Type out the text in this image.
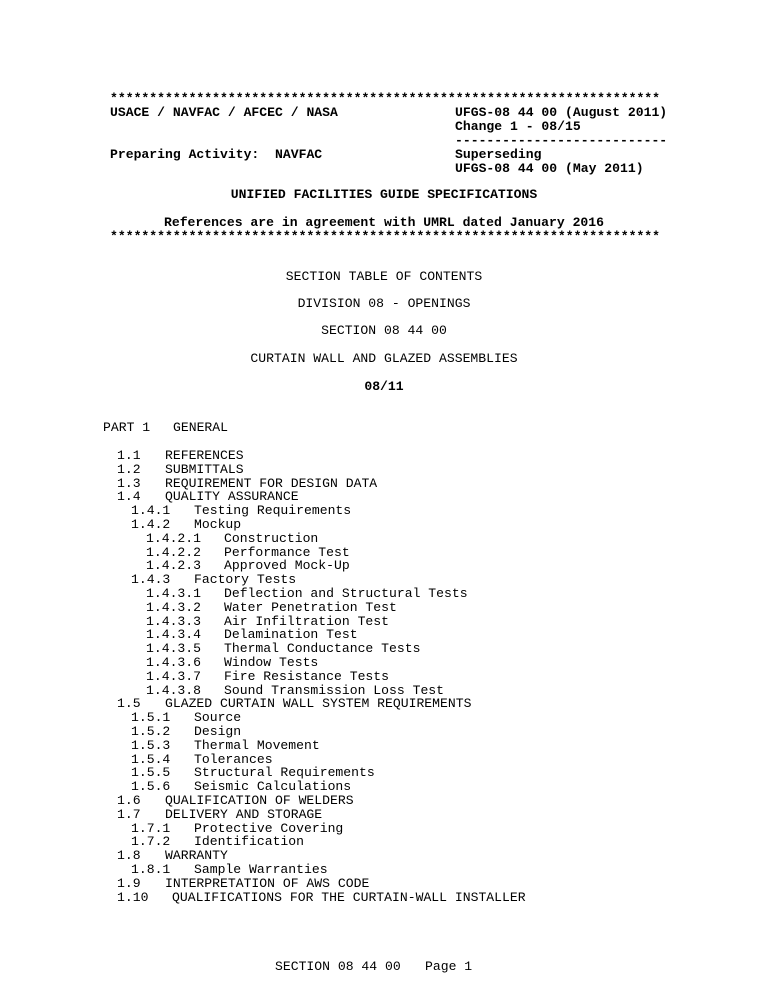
**********************************************************************
USACE / NAVFAC / AFCEC / NASA	UFGS-08 44 00 (August 2011)
Change 1 - 08/15
---------------------------
Preparing Activity:  NAVFAC	Superseding
UFGS-08 44 00 (May 2011)
UNIFIED FACILITIES GUIDE SPECIFICATIONS
References are in agreement with UMRL dated January 2016
**********************************************************************
SECTION TABLE OF CONTENTS
DIVISION 08 - OPENINGS
SECTION 08 44 00
CURTAIN WALL AND GLAZED ASSEMBLIES
08/11
PART 1 GENERAL
1.1 REFERENCES
1.2 SUBMITTALS
1.3 REQUIREMENT FOR DESIGN DATA
1.4 QUALITY ASSURANCE
1.4.1 Testing Requirements
1.4.2 Mockup
1.4.2.1 Construction
1.4.2.2 Performance Test
1.4.2.3 Approved Mock-Up
1.4.3 Factory Tests
1.4.3.1 Deflection and Structural Tests
1.4.3.2 Water Penetration Test
1.4.3.3 Air Infiltration Test
1.4.3.4 Delamination Test
1.4.3.5 Thermal Conductance Tests
1.4.3.6 Window Tests
1.4.3.7 Fire Resistance Tests
1.4.3.8 Sound Transmission Loss Test
1.5 GLAZED CURTAIN WALL SYSTEM REQUIREMENTS
1.5.1 Source
1.5.2 Design
1.5.3 Thermal Movement
1.5.4 Tolerances
1.5.5 Structural Requirements
1.5.6 Seismic Calculations
1.6 QUALIFICATION OF WELDERS
1.7 DELIVERY AND STORAGE
1.7.1 Protective Covering
1.7.2 Identification
1.8 WARRANTY
1.8.1 Sample Warranties
1.9 INTERPRETATION OF AWS CODE
1.10 QUALIFICATIONS FOR THE CURTAIN-WALL INSTALLER
SECTION 08 44 00 Page 1
